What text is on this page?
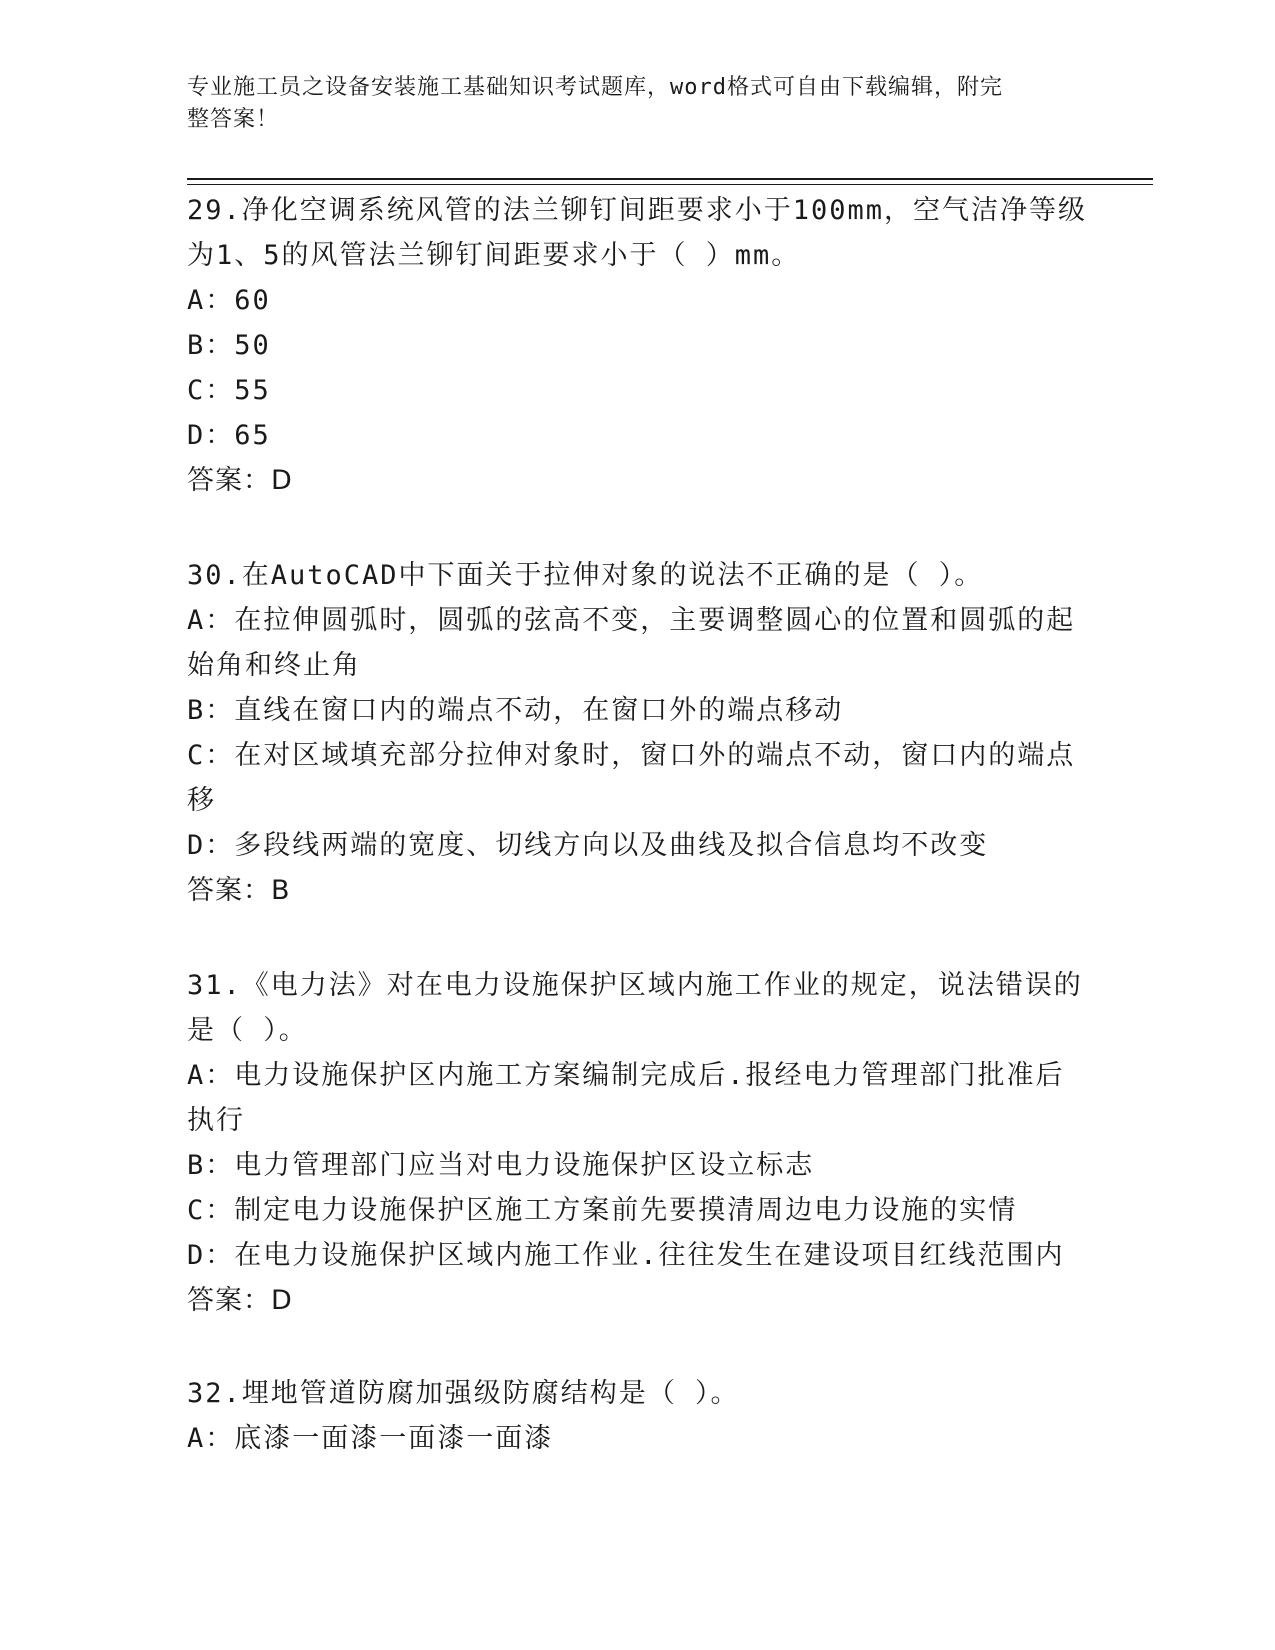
专业施工员之设备安装施工基础知识考试题库，word格式可自由下载编辑，附完
整答案！
29.净化空调系统风管的法兰铆钉间距要求小于100mm，空气洁净等级
为1、5的风管法兰铆钉间距要求小于（ ）mm。
A：60
B：50
C：55
D：65
答案：D
30.在AutoCAD中下面关于拉伸对象的说法不正确的是（ ）。
A：在拉伸圆弧时，圆弧的弦高不变，主要调整圆心的位置和圆弧的起
始角和终止角
B：直线在窗口内的端点不动，在窗口外的端点移动
C：在对区域填充部分拉伸对象时，窗口外的端点不动，窗口内的端点
移
D：多段线两端的宽度、切线方向以及曲线及拟合信息均不改变
答案：B
31.《电力法》对在电力设施保护区域内施工作业的规定，说法错误的
是（ ）。
A：电力设施保护区内施工方案编制完成后.报经电力管理部门批准后
执行
B：电力管理部门应当对电力设施保护区设立标志
C：制定电力设施保护区施工方案前先要摸清周边电力设施的实情
D：在电力设施保护区域内施工作业.往往发生在建设项目红线范围内
答案：D
32.埋地管道防腐加强级防腐结构是（ ）。
A：底漆一面漆一面漆一面漆
